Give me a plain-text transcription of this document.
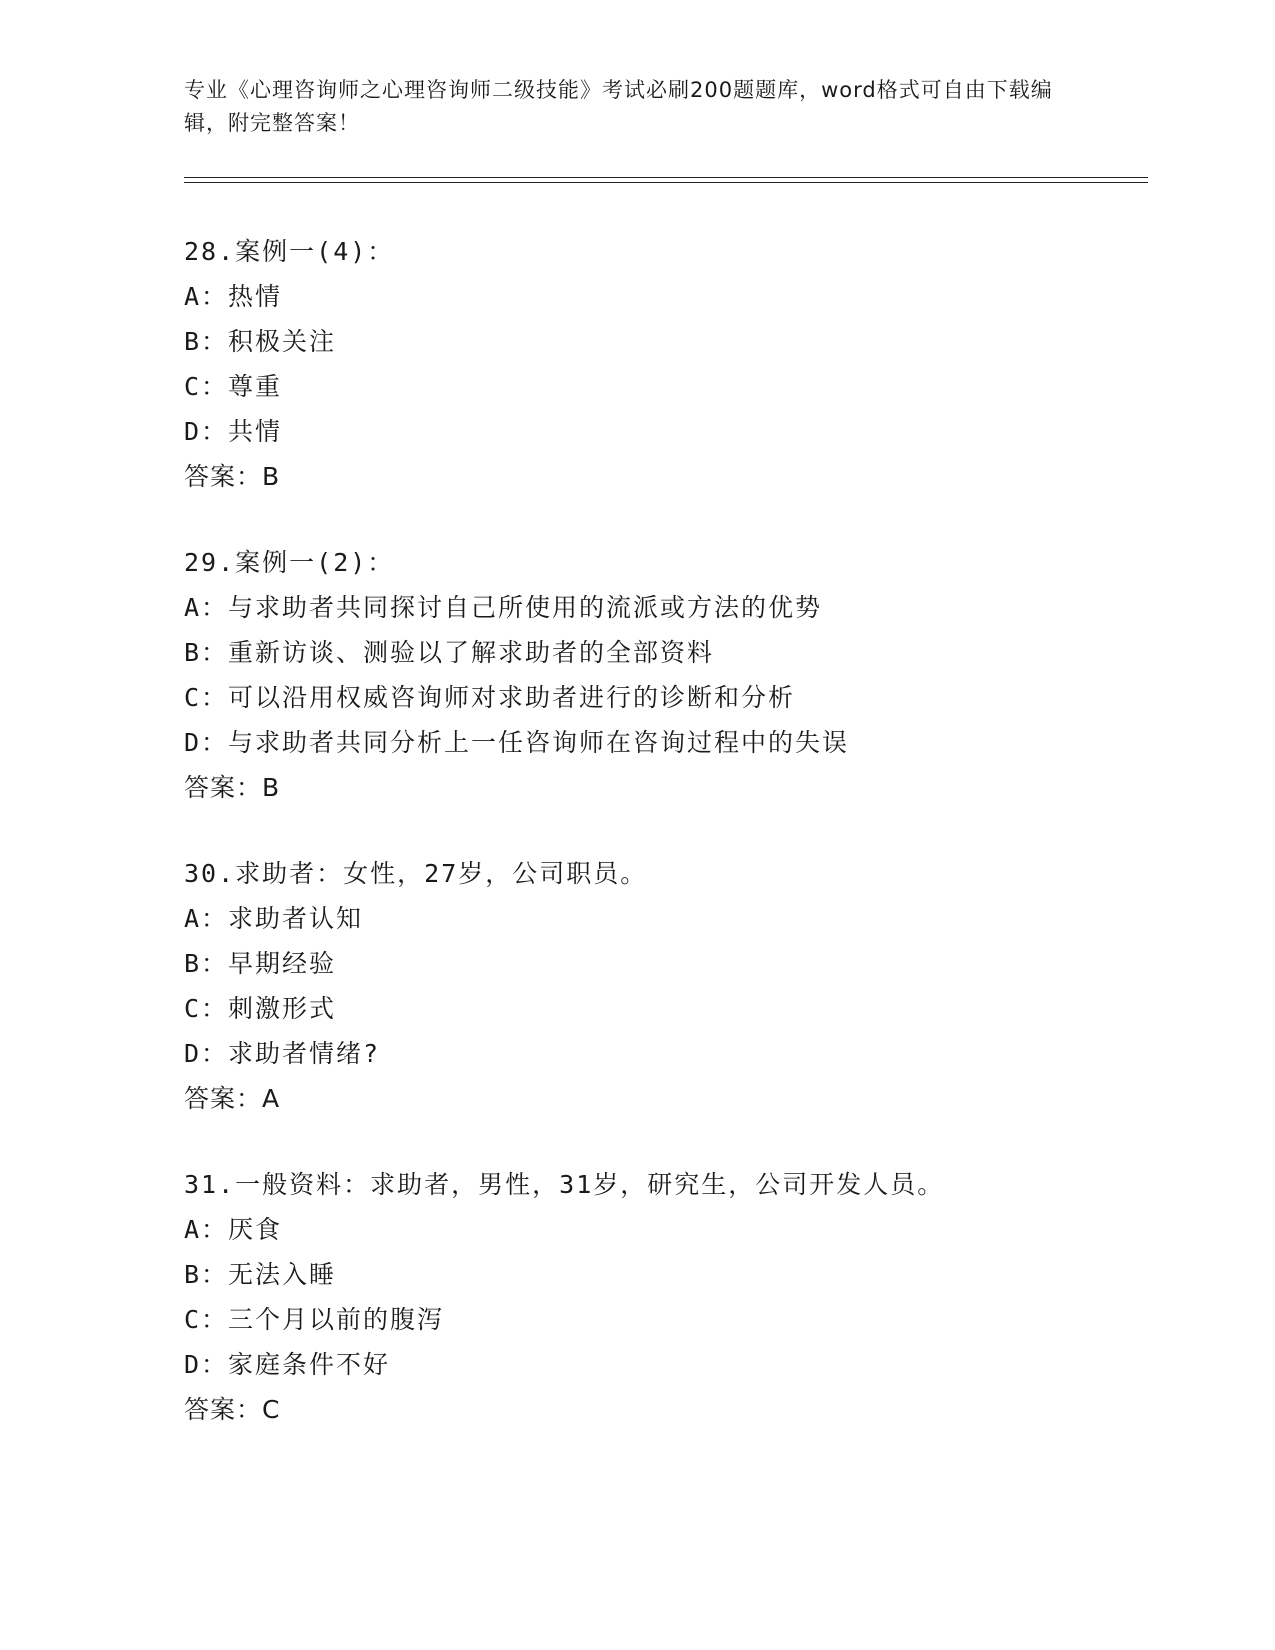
专业《心理咨询师之心理咨询师二级技能》考试必刷200题题库，word格式可自由下载编辑，附完整答案！
28.案例一(4)：
A：热情
B：积极关注
C：尊重
D：共情
答案：B
29.案例一(2)：
A：与求助者共同探讨自己所使用的流派或方法的优势
B：重新访谈、测验以了解求助者的全部资料
C：可以沿用权威咨询师对求助者进行的诊断和分析
D：与求助者共同分析上一任咨询师在咨询过程中的失误
答案：B
30.求助者：女性，27岁，公司职员。
A：求助者认知
B：早期经验
C：刺激形式
D：求助者情绪?
答案：A
31.一般资料：求助者，男性，31岁，研究生，公司开发人员。
A：厌食
B：无法入睡
C：三个月以前的腹泻
D：家庭条件不好
答案：C
